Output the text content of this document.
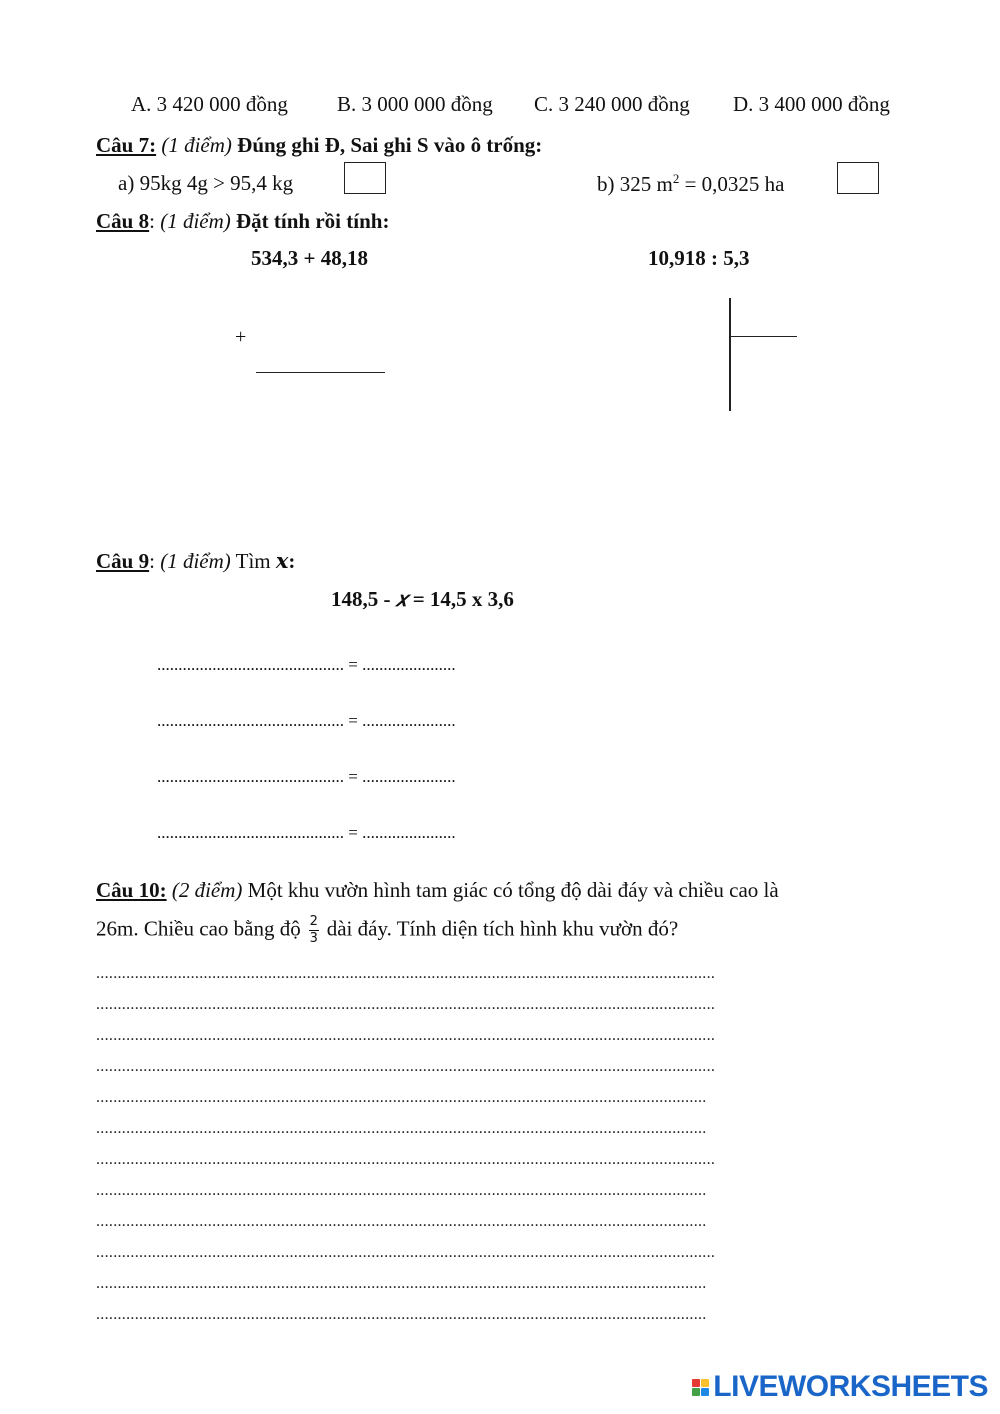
A. 3 420 000 đồng B. 3 000 000 đồng C. 3 240 000 đồng D. 3 400 000 đồng
Câu 7: (1 điểm) Đúng ghi Đ, Sai ghi S vào ô trống:
a) 95kg 4g > 95,4 kg	b) 325 $m^2 = 0,0325$ ha
Câu 8: (1 điểm) Đặt tính rồi tính:
534,3 + 48,18	10,918 : 5,3
+
Câu 9: (1 điểm) Tìm 𝒙:
148,5 - 𝑥 = 14,5 x 3,6
............................................ = ......................
............................................ = ......................
............................................ = ......................
............................................ = ......................
Câu 10: (2 điểm) Một khu vườn hình tam giác có tổng độ dài đáy và chiều cao là
26m. Chiều cao bằng độ $\frac{2}{3}$ dài đáy. Tính diện tích hình khu vườn đó?
................................................................................................................................................
................................................................................................................................................
................................................................................................................................................
................................................................................................................................................
..............................................................................................................................................
..............................................................................................................................................
................................................................................................................................................
..............................................................................................................................................
..............................................................................................................................................
................................................................................................................................................
..............................................................................................................................................
..............................................................................................................................................
LIVEWORKSHEETS
